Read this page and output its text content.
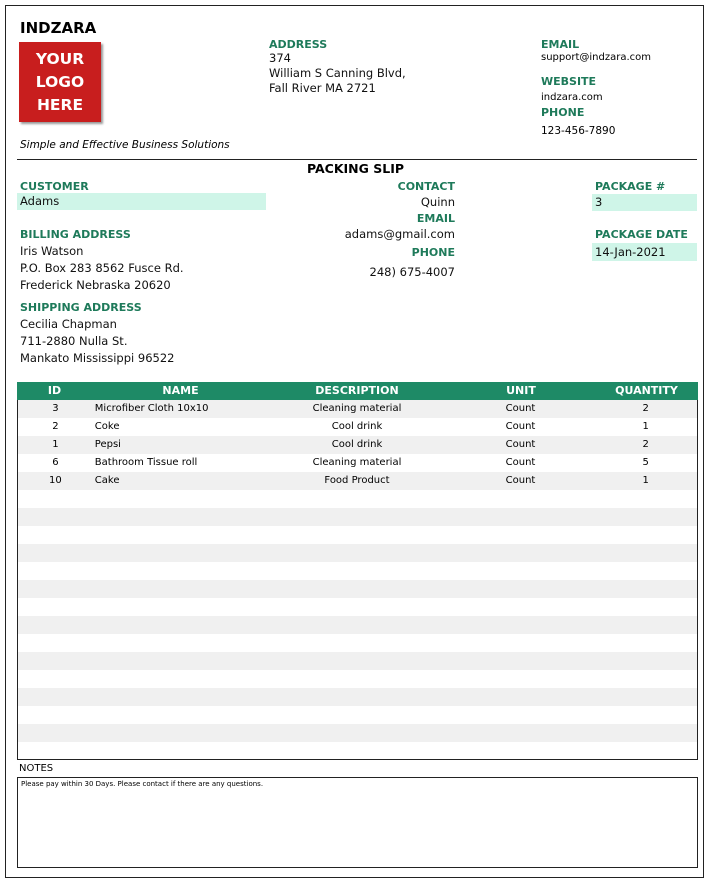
INDZARA
YOUR
LOGO
HERE
Simple and Effective Business Solutions
ADDRESS
374
William S Canning Blvd,
Fall River MA 2721
EMAIL
support@indzara.com
WEBSITE
indzara.com
PHONE
123-456-7890
PACKING SLIP
CUSTOMER
Adams
CONTACT
Quinn
EMAIL
adams@gmail.com
PHONE
248) 675-4007
PACKAGE #
3
PACKAGE DATE
14-Jan-2021
BILLING ADDRESS
Iris Watson
P.O. Box 283 8562 Fusce Rd.
Frederick Nebraska 20620
SHIPPING ADDRESS
Cecilia Chapman
711-2880 Nulla St.
Mankato Mississippi 96522
ID	NAME	DESCRIPTION	UNIT	QUANTITY
3	Microfiber Cloth 10x10	Cleaning material	Count	2
2	Coke	Cool drink	Count	1
1	Pepsi	Cool drink	Count	2
6	Bathroom Tissue roll	Cleaning material	Count	5
10	Cake	Food Product	Count	1
NOTES
Please pay within 30 Days. Please contact if there are any questions.
